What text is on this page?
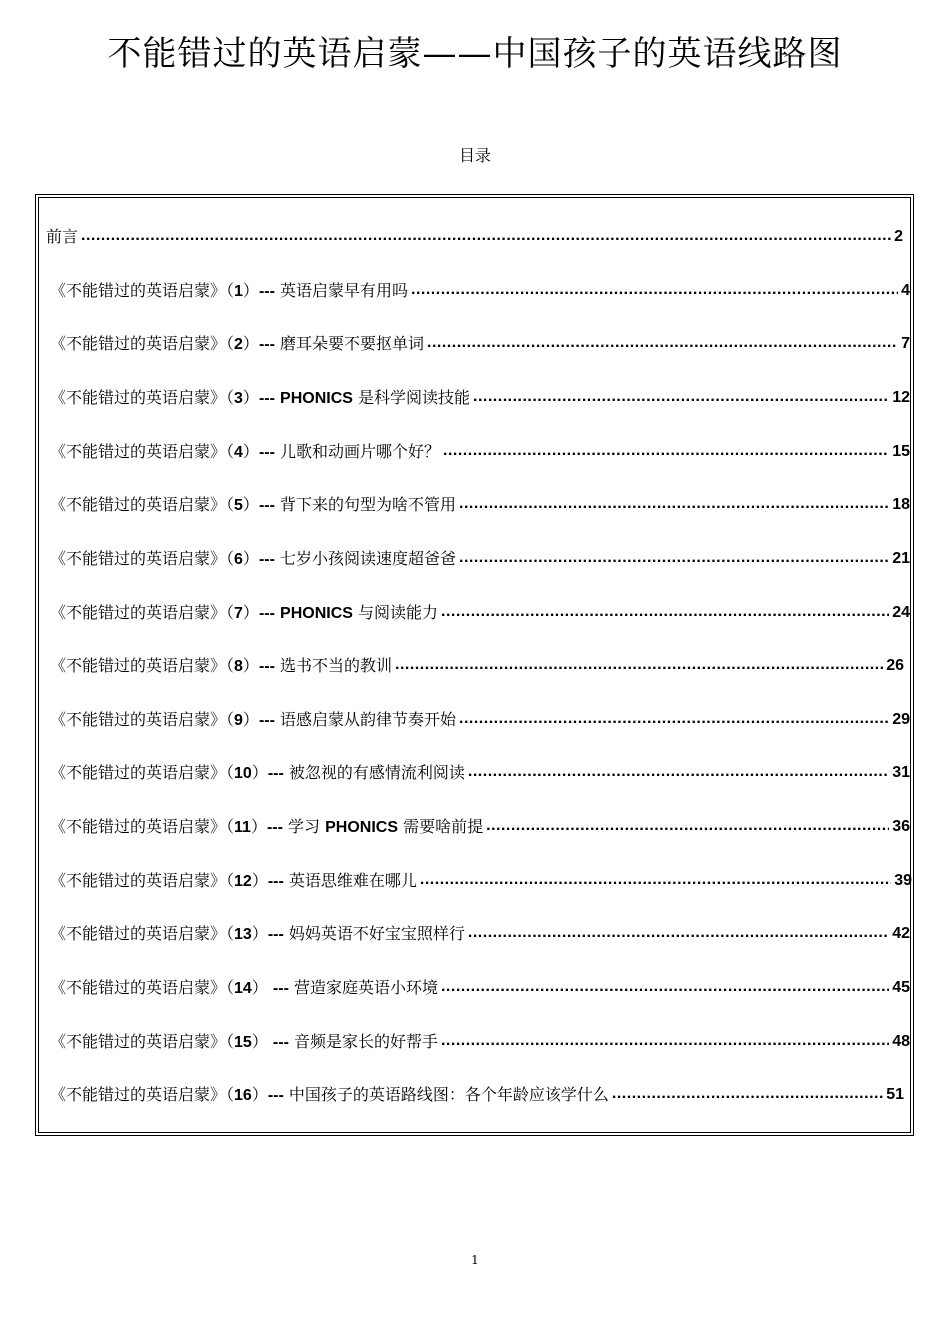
不能错过的英语启蒙——中国孩子的英语线路图
目录
前言 .....	2
《不能错过的英语启蒙》（1）--- 英语启蒙早有用吗 .....	4
《不能错过的英语启蒙》（2）--- 磨耳朵要不要抠单词 .....	7
《不能错过的英语启蒙》（3）--- PHONICS 是科学阅读技能 .....	12
《不能错过的英语启蒙》（4）--- 儿歌和动画片哪个好？ .....	15
《不能错过的英语启蒙》（5）--- 背下来的句型为啥不管用 .....	18
《不能错过的英语启蒙》（6）--- 七岁小孩阅读速度超爸爸 .....	21
《不能错过的英语启蒙》（7）--- PHONICS 与阅读能力 .....	24
《不能错过的英语启蒙》（8）--- 选书不当的教训 .....	26
《不能错过的英语启蒙》（9）--- 语感启蒙从韵律节奏开始 .....	29
《不能错过的英语启蒙》（10）--- 被忽视的有感情流利阅读 .....	31
《不能错过的英语启蒙》（11）--- 学习 PHONICS 需要啥前提 .....	36
《不能错过的英语启蒙》（12）--- 英语思维难在哪儿 .....	39
《不能错过的英语启蒙》（13）--- 妈妈英语不好宝宝照样行 .....	42
《不能错过的英语启蒙》（14） --- 营造家庭英语小环境 .....	45
《不能错过的英语启蒙》（15） --- 音频是家长的好帮手 .....	48
《不能错过的英语启蒙》（16）--- 中国孩子的英语路线图：各个年龄应该学什么 .....	51
1
